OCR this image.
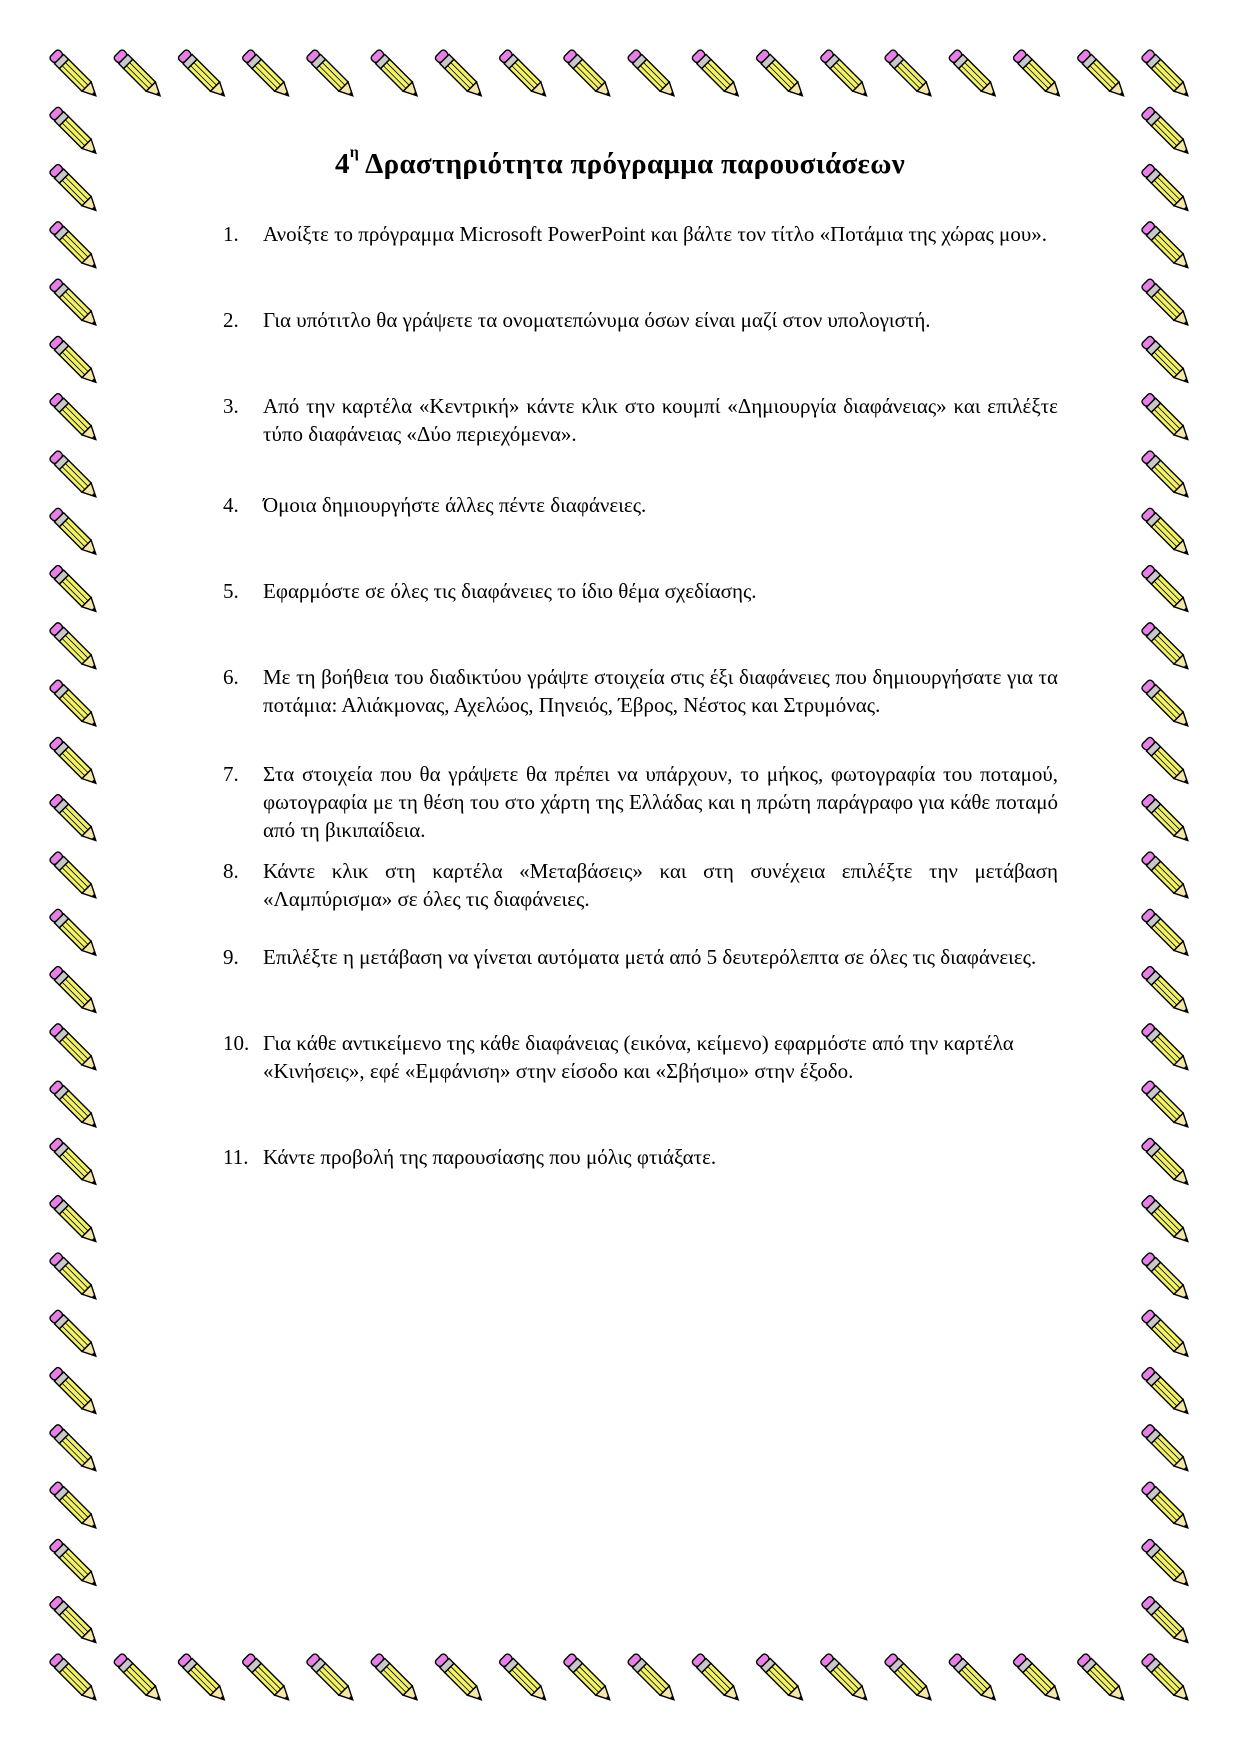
$4^\eta$ Δραστηριότητα πρόγραμμα παρουσιάσεων
1. Ανοίξτε το πρόγραμμα Microsoft PowerPoint και βάλτε τον τίτλο «Ποτάμια της χώρας μου».
2. Για υπότιτλο θα γράψετε τα ονοματεπώνυμα όσων είναι μαζί στον υπολογιστή.
3. Από την καρτέλα «Κεντρική» κάντε κλικ στο κουμπί «Δημιουργία διαφάνειας» και επιλέξτε τύπο διαφάνειας «Δύο περιεχόμενα».
4. Όμοια δημιουργήστε άλλες πέντε διαφάνειες.
5. Εφαρμόστε σε όλες τις διαφάνειες το ίδιο θέμα σχεδίασης.
6. Με τη βοήθεια του διαδικτύου γράψτε στοιχεία στις έξι διαφάνειες που δημιουργήσατε για τα ποτάμια: Αλιάκμονας, Αχελώος, Πηνειός, Έβρος, Νέστος και Στρυμόνας.
7. Στα στοιχεία που θα γράψετε θα πρέπει να υπάρχουν, το μήκος, φωτογραφία του ποταμού, φωτογραφία με τη θέση του στο χάρτη της Ελλάδας και η πρώτη παράγραφο για κάθε ποταμό από τη βικιπαίδεια.
8. Κάντε κλικ στη καρτέλα «Μεταβάσεις» και στη συνέχεια επιλέξτε την μετάβαση «Λαμπύρισμα» σε όλες τις διαφάνειες.
9. Επιλέξτε η μετάβαση να γίνεται αυτόματα μετά από 5 δευτερόλεπτα σε όλες τις διαφάνειες.
10. Για κάθε αντικείμενο της κάθε διαφάνειας (εικόνα, κείμενο) εφαρμόστε από την καρτέλα «Κινήσεις», εφέ «Εμφάνιση» στην είσοδο και «Σβήσιμο» στην έξοδο.
11. Κάντε προβολή της παρουσίασης που μόλις φτιάξατε.
